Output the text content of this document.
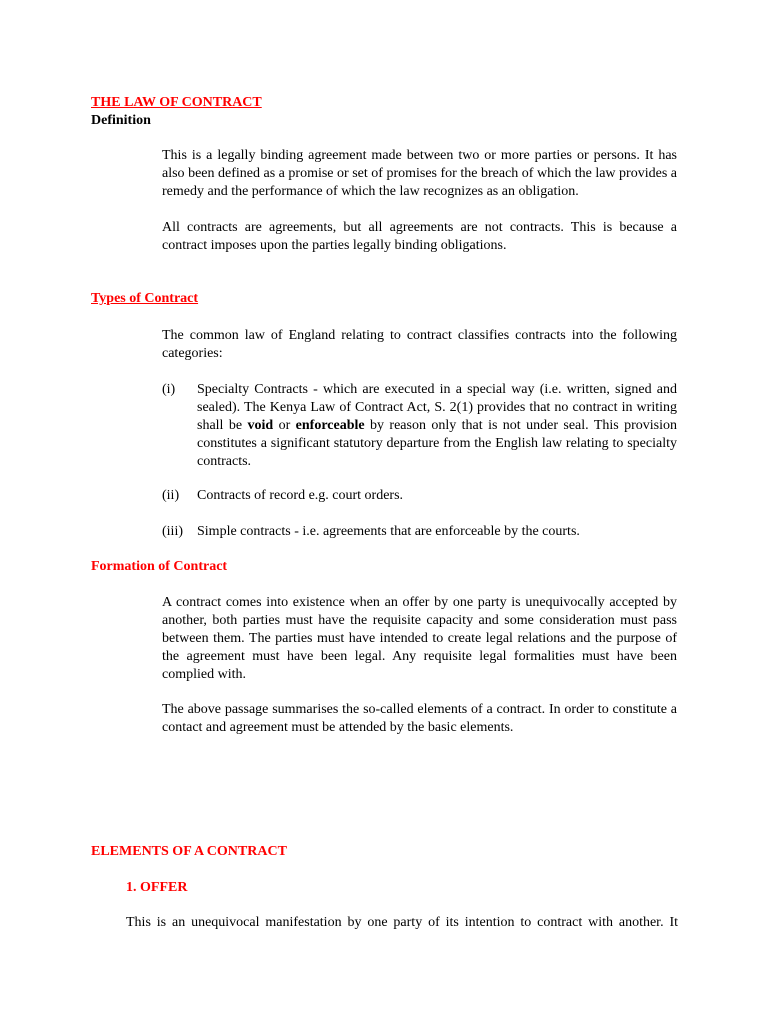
THE LAW OF CONTRACT
Definition

This is a legally binding agreement made between two or more parties or persons. It has also been defined as a promise or set of promises for the breach of which the law provides a remedy and the performance of which the law recognizes as an obligation.

All contracts are agreements, but all agreements are not contracts. This is because a contract imposes upon the parties legally binding obligations.

Types of Contract

The common law of England relating to contract classifies contracts into the following categories:

(i)	Specialty Contracts - which are executed in a special way (i.e. written, signed and sealed). The Kenya Law of Contract Act, S. 2(1) provides that no contract in writing shall be void or enforceable by reason only that is not under seal. This provision constitutes a significant statutory departure from the English law relating to specialty contracts.
(ii)	Contracts of record e.g. court orders.
(iii)	Simple contracts - i.e. agreements that are enforceable by the courts.
Formation of Contract

A contract comes into existence when an offer by one party is unequivocally accepted by another, both parties must have the requisite capacity and some consideration must pass between them. The parties must have intended to create legal relations and the purpose of the agreement must have been legal. Any requisite legal formalities must have been complied with.

The above passage summarises the so-called elements of a contract. In order to constitute a contact and agreement must be attended by the basic elements.

ELEMENTS OF A CONTRACT
1. OFFER

This is an unequivocal manifestation by one party of its intention to contract with another. It
